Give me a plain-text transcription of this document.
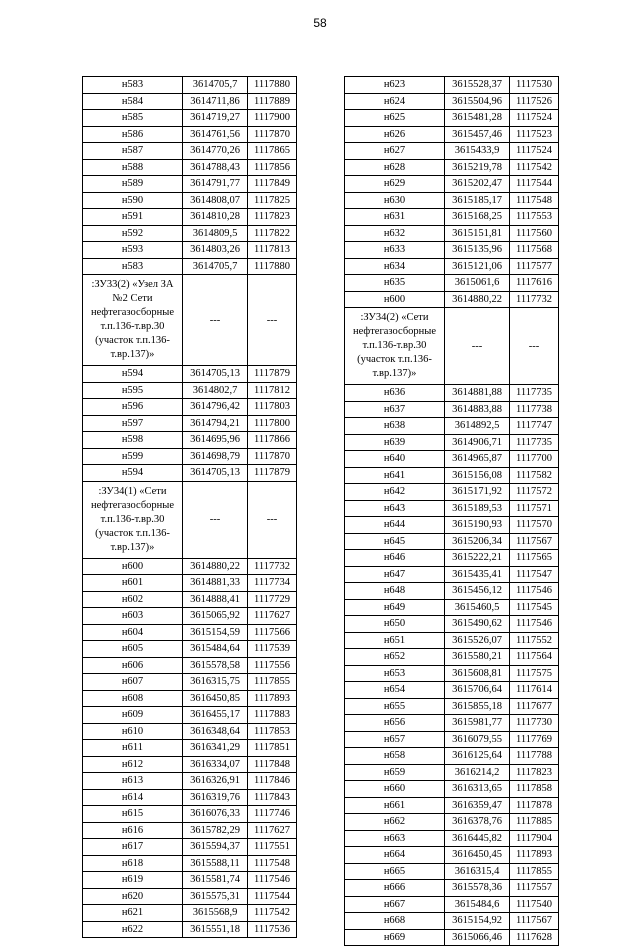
58
н583	3614705,7	1117880
н584	3614711,86	1117889
н585	3614719,27	1117900
н586	3614761,56	1117870
н587	3614770,26	1117865
н588	3614788,43	1117856
н589	3614791,77	1117849
н590	3614808,07	1117825
н591	3614810,28	1117823
н592	3614809,5	1117822
н593	3614803,26	1117813
н583	3614705,7	1117880
:ЗУ33(2) «Узел ЗА №2 Сети нефтегазосборные т.п.136-т.вр.30 (участок т.п.136-т.вр.137)»	---	---
н594	3614705,13	1117879
н595	3614802,7	1117812
н596	3614796,42	1117803
н597	3614794,21	1117800
н598	3614695,96	1117866
н599	3614698,79	1117870
н594	3614705,13	1117879
:ЗУ34(1) «Сети нефтегазосборные т.п.136-т.вр.30 (участок т.п.136-т.вр.137)»	---	---
н600	3614880,22	1117732
н601	3614881,33	1117734
н602	3614888,41	1117729
н603	3615065,92	1117627
н604	3615154,59	1117566
н605	3615484,64	1117539
н606	3615578,58	1117556
н607	3616315,75	1117855
н608	3616450,85	1117893
н609	3616455,17	1117883
н610	3616348,64	1117853
н611	3616341,29	1117851
н612	3616334,07	1117848
н613	3616326,91	1117846
н614	3616319,76	1117843
н615	3616076,33	1117746
н616	3615782,29	1117627
н617	3615594,37	1117551
н618	3615588,11	1117548
н619	3615581,74	1117546
н620	3615575,31	1117544
н621	3615568,9	1117542
н622	3615551,18	1117536
н623	3615528,37	1117530
н624	3615504,96	1117526
н625	3615481,28	1117524
н626	3615457,46	1117523
н627	3615433,9	1117524
н628	3615219,78	1117542
н629	3615202,47	1117544
н630	3615185,17	1117548
н631	3615168,25	1117553
н632	3615151,81	1117560
н633	3615135,96	1117568
н634	3615121,06	1117577
н635	3615061,6	1117616
н600	3614880,22	1117732
:ЗУ34(2) «Сети нефтегазосборные т.п.136-т.вр.30 (участок т.п.136-т.вр.137)»	---	---
н636	3614881,88	1117735
н637	3614883,88	1117738
н638	3614892,5	1117747
н639	3614906,71	1117735
н640	3614965,87	1117700
н641	3615156,08	1117582
н642	3615171,92	1117572
н643	3615189,53	1117571
н644	3615190,93	1117570
н645	3615206,34	1117567
н646	3615222,21	1117565
н647	3615435,41	1117547
н648	3615456,12	1117546
н649	3615460,5	1117545
н650	3615490,62	1117546
н651	3615526,07	1117552
н652	3615580,21	1117564
н653	3615608,81	1117575
н654	3615706,64	1117614
н655	3615855,18	1117677
н656	3615981,77	1117730
н657	3616079,55	1117769
н658	3616125,64	1117788
н659	3616214,2	1117823
н660	3616313,65	1117858
н661	3616359,47	1117878
н662	3616378,76	1117885
н663	3616445,82	1117904
н664	3616450,45	1117893
н665	3616315,4	1117855
н666	3615578,36	1117557
н667	3615484,6	1117540
н668	3615154,92	1117567
н669	3615066,46	1117628
